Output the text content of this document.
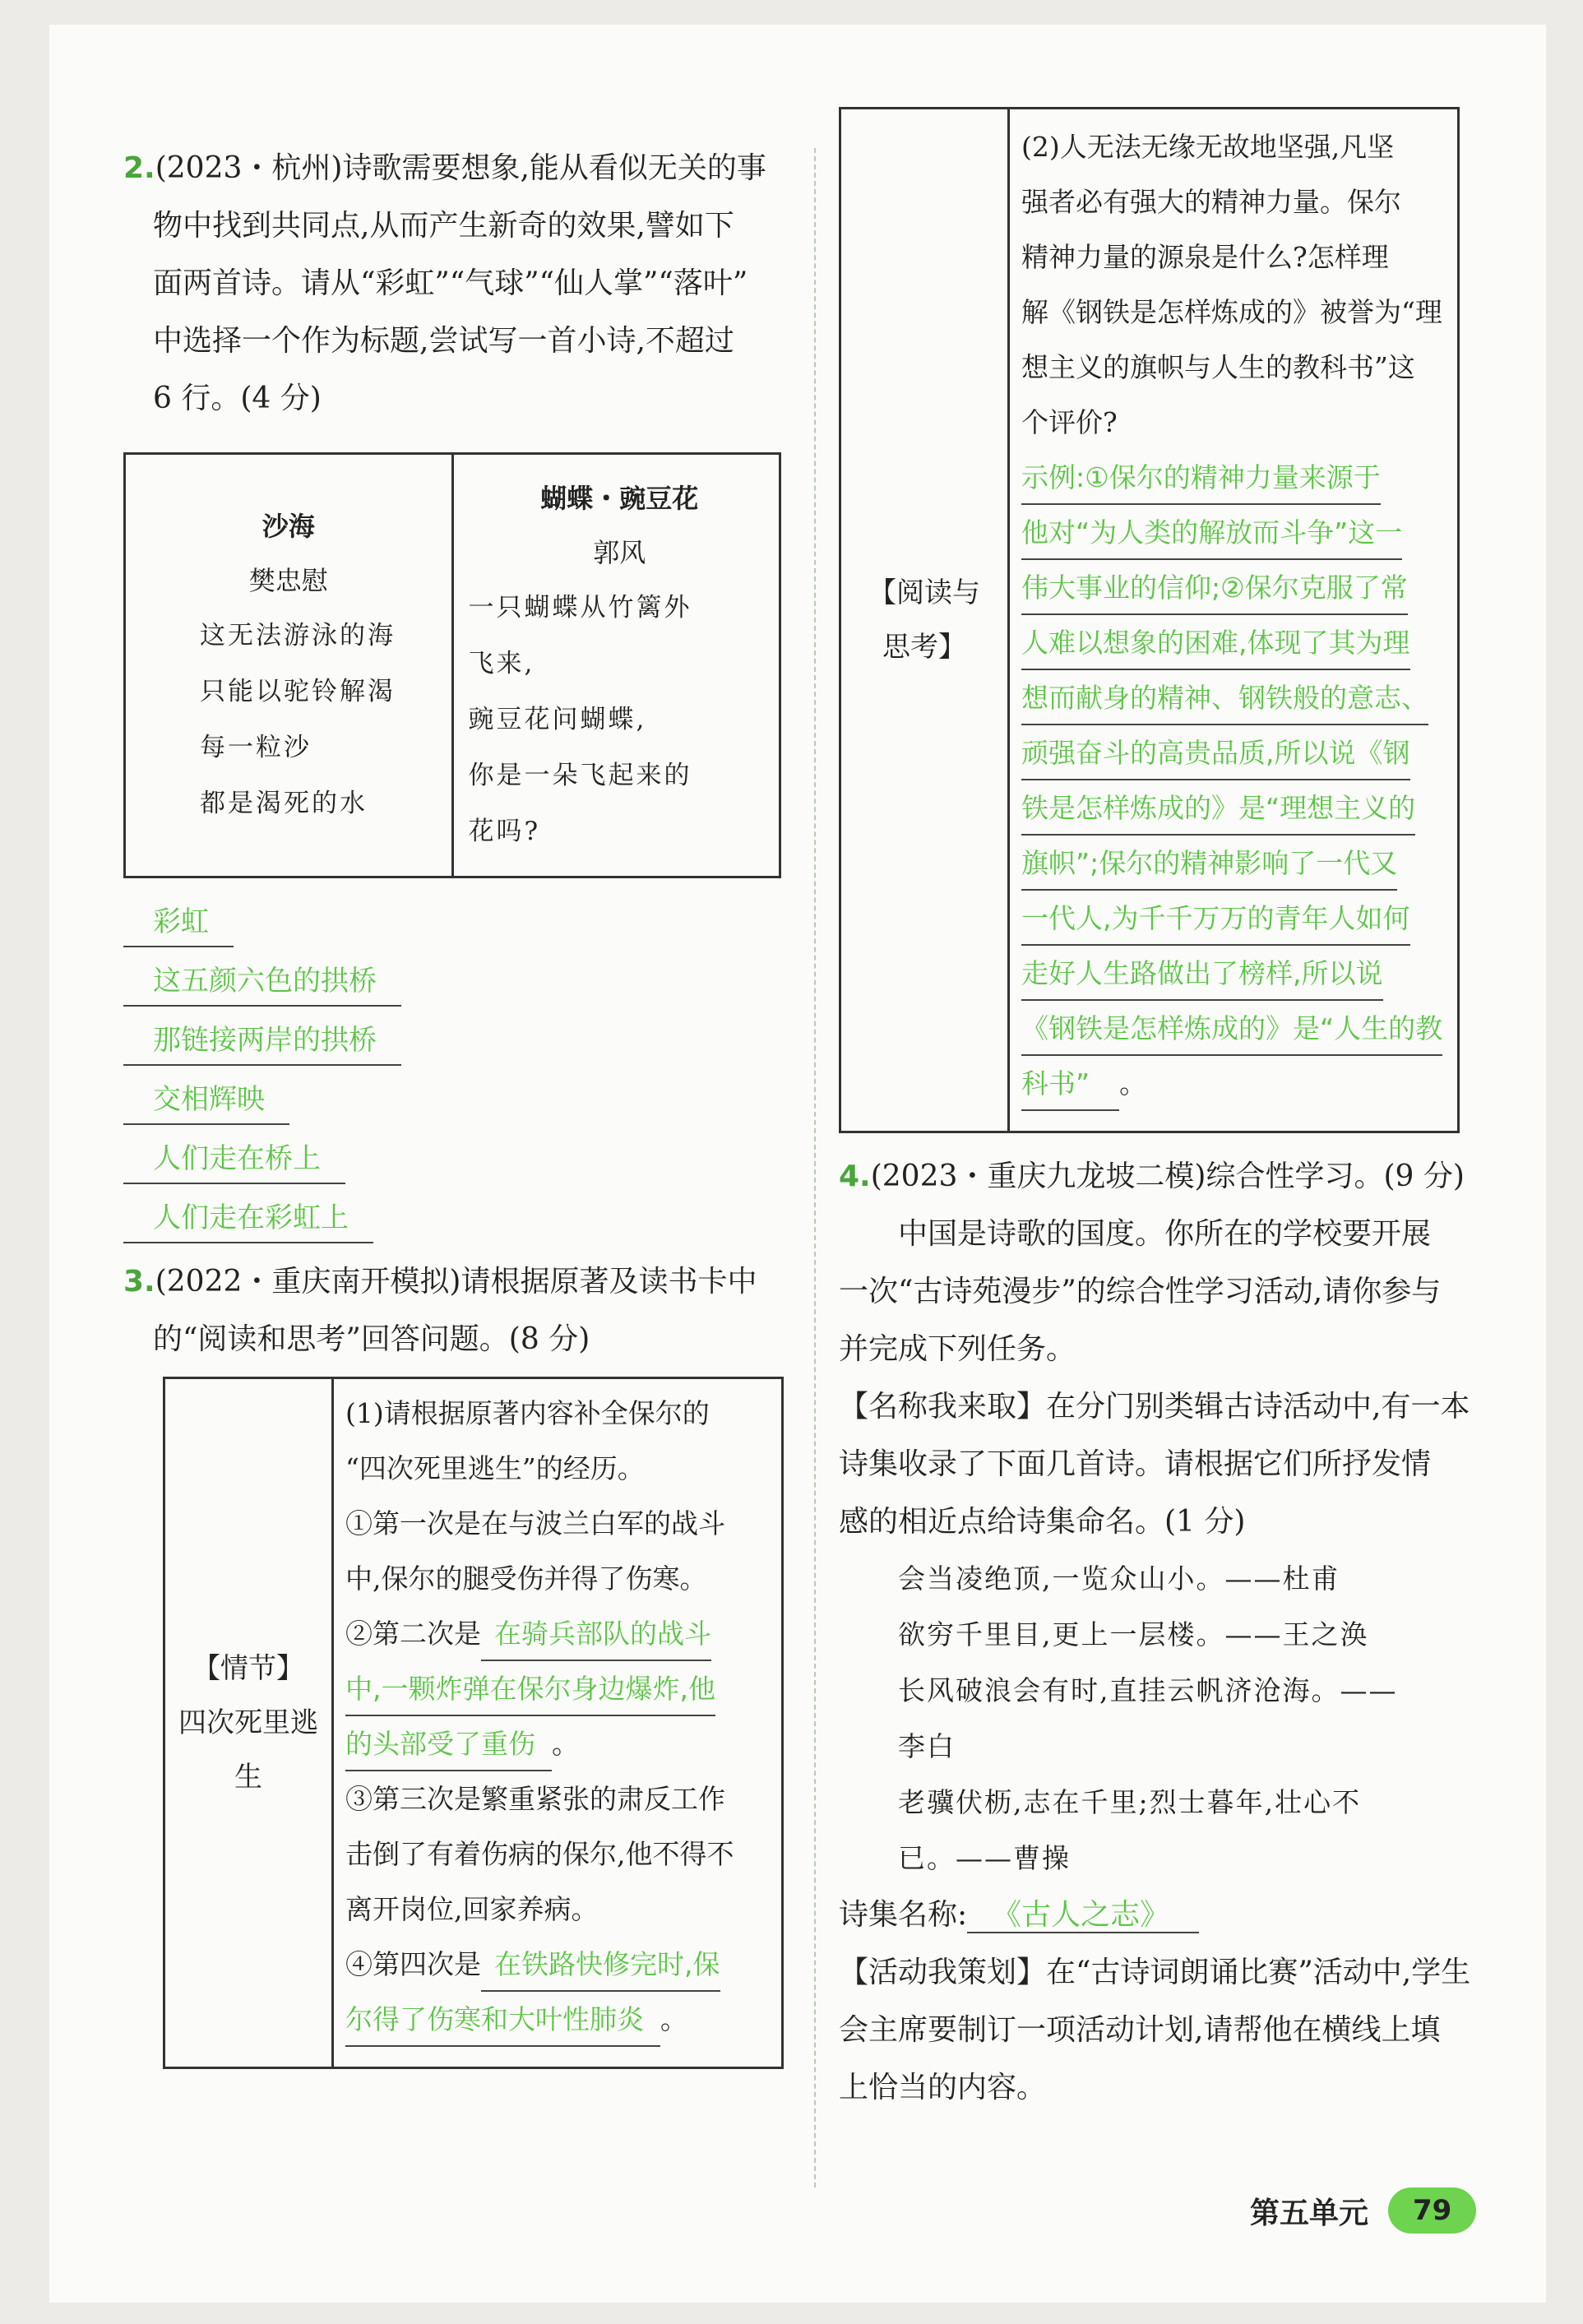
2.(2023・杭州)诗歌需要想象,能从看似无关的事
物中找到共同点,从而产生新奇的效果,譬如下
面两首诗。请从“彩虹”“气球”“仙人掌”“落叶”
中选择一个作为标题,尝试写一首小诗,不超过
6 行。(4 分)
沙海
樊忠慰
这无法游泳的海
只能以驼铃解渴
每一粒沙
都是渴死的水

蝴蝶・豌豆花
郭风
一只蝴蝶从竹篱外
飞来,
豌豆花问蝴蝶,
你是一朵飞起来的
花吗?
彩虹
这五颜六色的拱桥
那链接两岸的拱桥
交相辉映
人们走在桥上
人们走在彩虹上
3.(2022・重庆南开模拟)请根据原著及读书卡中
的“阅读和思考”回答问题。(8 分)
【情节】
四次死里逃生

(1)请根据原著内容补全保尔的
“四次死里逃生”的经历。
①第一次是在与波兰白军的战斗
中,保尔的腿受伤并得了伤寒。
②第二次是 在骑兵部队的战斗
中,一颗炸弹在保尔身边爆炸,他
的头部受了重伤 。
③第三次是繁重紧张的肃反工作
击倒了有着伤病的保尔,他不得不
离开岗位,回家养病。
④第四次是 在铁路快修完时,保
尔得了伤寒和大叶性肺炎 。
【阅读与
思考】

(2)人无法无缘无故地坚强,凡坚
强者必有强大的精神力量。保尔
精神力量的源泉是什么?怎样理
解《钢铁是怎样炼成的》被誉为“理
想主义的旗帜与人生的教科书”这
个评价?
示例:①保尔的精神力量来源于
他对“为人类的解放而斗争”这一
伟大事业的信仰;②保尔克服了常
人难以想象的困难,体现了其为理
想而献身的精神、钢铁般的意志、
顽强奋斗的高贵品质,所以说《钢
铁是怎样炼成的》是“理想主义的
旗帜”;保尔的精神影响了一代又
一代人,为千千万万的青年人如何
走好人生路做出了榜样,所以说
《钢铁是怎样炼成的》是“人生的教
科书” 。
4.(2023・重庆九龙坡二模)综合性学习。(9 分)
　　中国是诗歌的国度。你所在的学校要开展
一次“古诗苑漫步”的综合性学习活动,请你参与
并完成下列任务。
【名称我来取】在分门别类辑古诗活动中,有一本
诗集收录了下面几首诗。请根据它们所抒发情
感的相近点给诗集命名。(1 分)
会当凌绝顶,一览众山小。——杜甫
欲穷千里目,更上一层楼。——王之涣
长风破浪会有时,直挂云帆济沧海。——
李白
老骥伏枥,志在千里;烈士暮年,壮心不
已。——曹操
诗集名称: 《古人之志》
【活动我策划】在“古诗词朗诵比赛”活动中,学生
会主席要制订一项活动计划,请帮他在横线上填
上恰当的内容。
第五单元	79
